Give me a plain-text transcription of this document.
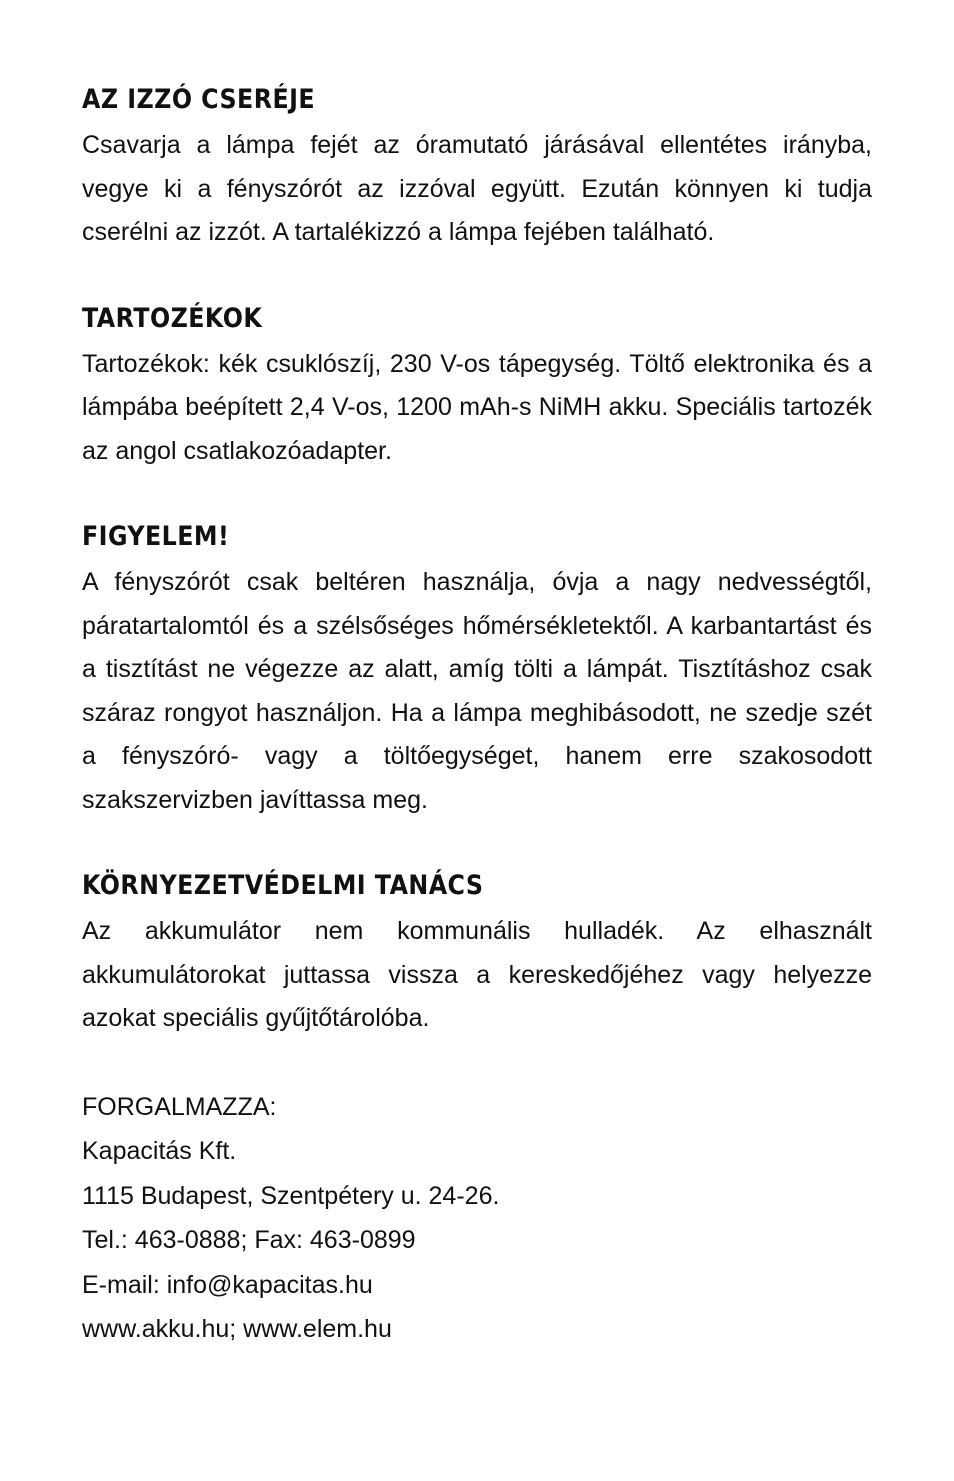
AZ IZZÓ CSERÉJE

Csavarja a lámpa fejét az óramutató járásával ellentétes irányba, vegye ki a fényszórót az izzóval együtt. Ezután könnyen ki tudja cserélni az izzót. A tartalékizzó a lámpa fejében található.

TARTOZÉKOK

Tartozékok: kék csuklószíj, 230 V-os tápegység. Töltő elektronika és a lámpába beépített 2,4 V-os, 1200 mAh-s NiMH akku. Speciális tartozék az angol csatlakozóadapter.

FIGYELEM!

A fényszórót csak beltéren használja, óvja a nagy nedvességtől, páratartalomtól és a szélsőséges hőmérsékletektől. A karbantartást és a tisztítást ne végezze az alatt, amíg tölti a lámpát. Tisztításhoz csak száraz rongyot használjon. Ha a lámpa meghibásodott, ne szedje szét a fényszóró- vagy a töltőegységet, hanem erre szakosodott szakszervizben javíttassa meg.

KÖRNYEZETVÉDELMI TANÁCS

Az akkumulátor nem kommunális hulladék. Az elhasznált akkumulátorokat juttassa vissza a kereskedőjéhez vagy helyezze azokat speciális gyűjtőtárolóba.

FORGALMAZZA:
Kapacitás Kft.
1115 Budapest, Szentpétery u. 24-26.
Tel.: 463-0888; Fax: 463-0899
E-mail: info@kapacitas.hu
www.akku.hu; www.elem.hu
